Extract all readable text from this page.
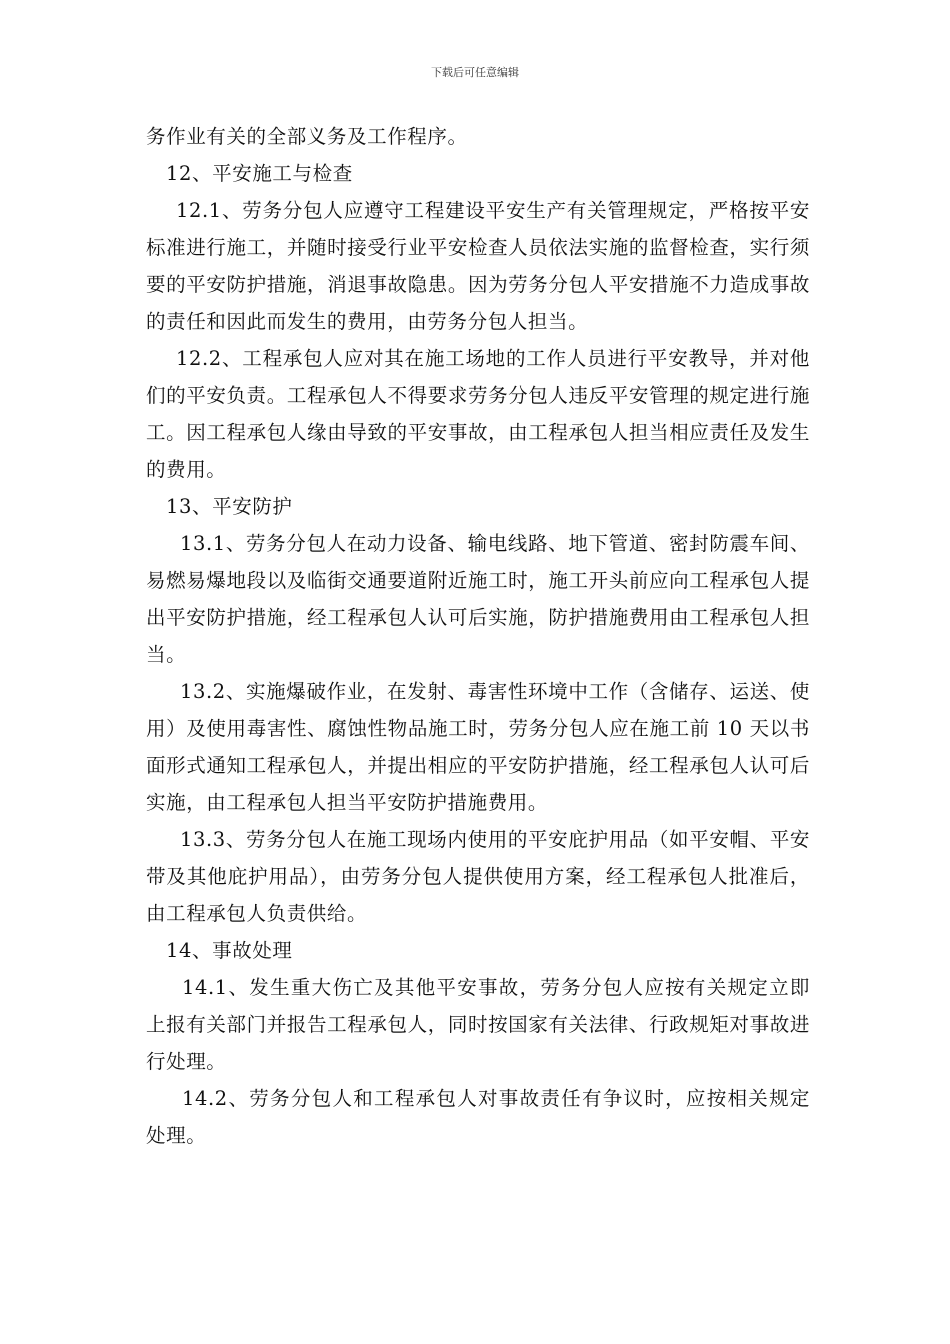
下载后可任意编辑

务作业有关的全部义务及工作程序。

12、平安施工与检查

12.1、劳务分包人应遵守工程建设平安生产有关管理规定，严格按平安标准进行施工，并随时接受行业平安检查人员依法实施的监督检查，实行须要的平安防护措施，消退事故隐患。因为劳务分包人平安措施不力造成事故的责任和因此而发生的费用，由劳务分包人担当。

12.2、工程承包人应对其在施工场地的工作人员进行平安教导，并对他们的平安负责。工程承包人不得要求劳务分包人违反平安管理的规定进行施工。因工程承包人缘由导致的平安事故，由工程承包人担当相应责任及发生的费用。

13、平安防护

13.1、劳务分包人在动力设备、输电线路、地下管道、密封防震车间、易燃易爆地段以及临街交通要道附近施工时，施工开头前应向工程承包人提出平安防护措施，经工程承包人认可后实施，防护措施费用由工程承包人担当。

13.2、实施爆破作业，在发射、毒害性环境中工作（含储存、运送、使用）及使用毒害性、腐蚀性物品施工时，劳务分包人应在施工前 10 天以书面形式通知工程承包人，并提出相应的平安防护措施，经工程承包人认可后实施，由工程承包人担当平安防护措施费用。

13.3、劳务分包人在施工现场内使用的平安庇护用品（如平安帽、平安带及其他庇护用品），由劳务分包人提供使用方案，经工程承包人批准后，由工程承包人负责供给。

14、事故处理

14.1、发生重大伤亡及其他平安事故，劳务分包人应按有关规定立即上报有关部门并报告工程承包人，同时按国家有关法律、行政规矩对事故进行处理。

14.2、劳务分包人和工程承包人对事故责任有争议时，应按相关规定处理。
